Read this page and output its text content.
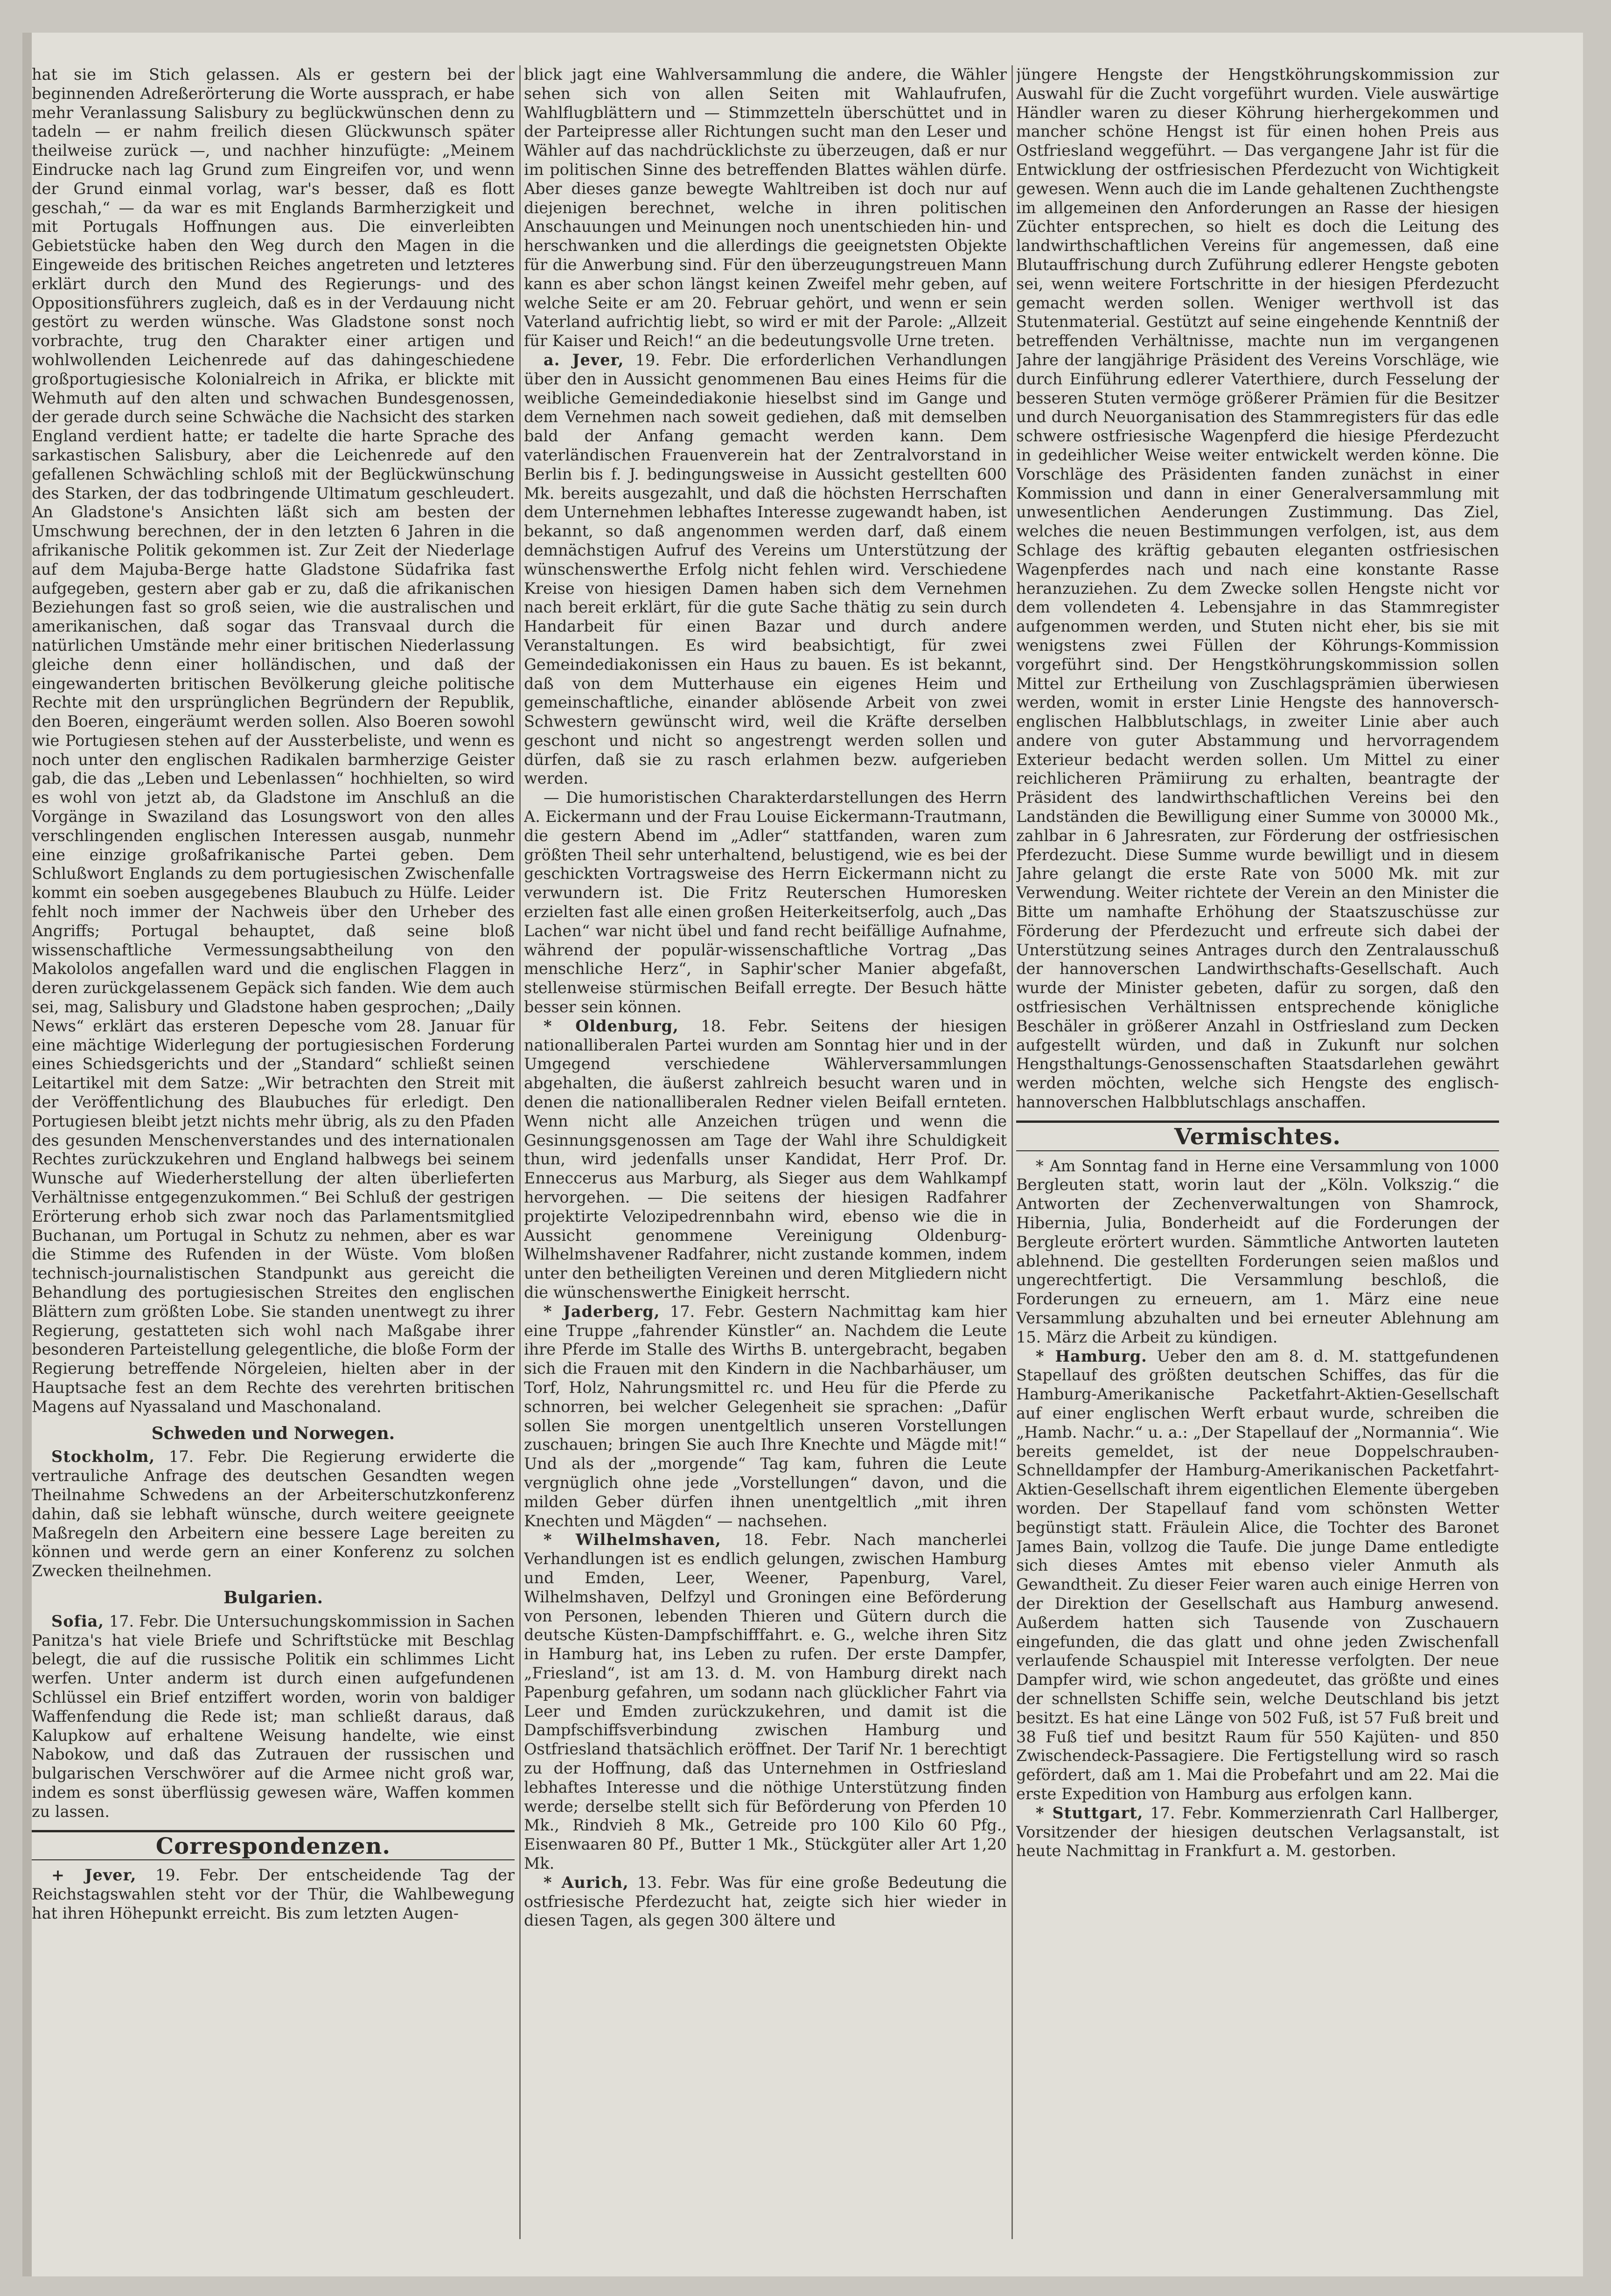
hat sie im Stich gelassen. Als er gestern bei der beginnenden Adreßerörterung die Worte aussprach, er habe mehr Veranlassung Salisbury zu beglückwünschen denn zu tadeln — er nahm freilich diesen Glückwunsch später theilweise zurück —, und nachher hinzufügte: „Meinem Eindrucke nach lag Grund zum Eingreifen vor, und wenn der Grund einmal vorlag, war's besser, daß es flott geschah,“ — da war es mit Englands Barmherzigkeit und mit Portugals Hoffnungen aus. Die einverleibten Gebietstücke haben den Weg durch den Magen in die Eingeweide des britischen Reiches angetreten und letzteres erklärt durch den Mund des Regierungs- und des Oppositionsführers zugleich, daß es in der Verdauung nicht gestört zu werden wünsche. Was Gladstone sonst noch vorbrachte, trug den Charakter einer artigen und wohlwollenden Leichenrede auf das dahingeschiedene großportugiesische Kolonialreich in Afrika, er blickte mit Wehmuth auf den alten und schwachen Bundesgenossen, der gerade durch seine Schwäche die Nachsicht des starken England verdient hatte; er tadelte die harte Sprache des sarkastischen Salisbury, aber die Leichenrede auf den gefallenen Schwächling schloß mit der Beglückwünschung des Starken, der das todbringende Ultimatum geschleudert. An Gladstone's Ansichten läßt sich am besten der Umschwung berechnen, der in den letzten 6 Jahren in die afrikanische Politik gekommen ist. Zur Zeit der Niederlage auf dem Majuba-Berge hatte Gladstone Südafrika fast aufgegeben, gestern aber gab er zu, daß die afrikanischen Beziehungen fast so groß seien, wie die australischen und amerikanischen, daß sogar das Transvaal durch die natürlichen Umstände mehr einer britischen Niederlassung gleiche denn einer holländischen, und daß der eingewanderten britischen Bevölkerung gleiche politische Rechte mit den ursprünglichen Begründern der Republik, den Boeren, eingeräumt werden sollen. Also Boeren sowohl wie Portugiesen stehen auf der Aussterbeliste, und wenn es noch unter den englischen Radikalen barmherzige Geister gab, die das „Leben und Lebenlassen“ hochhielten, so wird es wohl von jetzt ab, da Gladstone im Anschluß an die Vorgänge in Swaziland das Losungswort von den alles verschlingenden englischen Interessen ausgab, nunmehr eine einzige großafrikanische Partei geben. Dem Schlußwort Englands zu dem portugiesischen Zwischenfalle kommt ein soeben ausgegebenes Blaubuch zu Hülfe. Leider fehlt noch immer der Nachweis über den Urheber des Angriffs; Portugal behauptet, daß seine bloß wissenschaftliche Vermessungsabtheilung von den Makololos angefallen ward und die englischen Flaggen in deren zurückgelassenem Gepäck sich fanden. Wie dem auch sei, mag, Salisbury und Gladstone haben gesprochen; „Daily News“ erklärt das ersteren Depesche vom 28. Januar für eine mächtige Widerlegung der portugiesischen Forderung eines Schiedsgerichts und der „Standard“ schließt seinen Leitartikel mit dem Satze: „Wir betrachten den Streit mit der Veröffentlichung des Blaubuches für erledigt. Den Portugiesen bleibt jetzt nichts mehr übrig, als zu den Pfaden des gesunden Menschenverstandes und des internationalen Rechtes zurückzukehren und England halbwegs bei seinem Wunsche auf Wiederherstellung der alten überlieferten Verhältnisse entgegenzukommen.“ Bei Schluß der gestrigen Erörterung erhob sich zwar noch das Parlamentsmitglied Buchanan, um Portugal in Schutz zu nehmen, aber es war die Stimme des Rufenden in der Wüste. Vom bloßen technisch-journalistischen Standpunkt aus gereicht die Behandlung des portugiesischen Streites den englischen Blättern zum größten Lobe. Sie standen unentwegt zu ihrer Regierung, gestatteten sich wohl nach Maßgabe ihrer besonderen Parteistellung gelegentliche, die bloße Form der Regierung betreffende Nörgeleien, hielten aber in der Hauptsache fest an dem Rechte des verehrten britischen Magens auf Nyassaland und Maschonaland.

Schweden und Norwegen.

Stockholm, 17. Febr. Die Regierung erwiderte die vertrauliche Anfrage des deutschen Gesandten wegen Theilnahme Schwedens an der Arbeiterschutzkonferenz dahin, daß sie lebhaft wünsche, durch weitere geeignete Maßregeln den Arbeitern eine bessere Lage bereiten zu können und werde gern an einer Konferenz zu solchen Zwecken theilnehmen.

Bulgarien.

Sofia, 17. Febr. Die Untersuchungskommission in Sachen Panitza's hat viele Briefe und Schriftstücke mit Beschlag belegt, die auf die russische Politik ein schlimmes Licht werfen. Unter anderm ist durch einen aufgefundenen Schlüssel ein Brief entziffert worden, worin von baldiger Waffenfendung die Rede ist; man schließt daraus, daß Kalupkow auf erhaltene Weisung handelte, wie einst Nabokow, und daß das Zutrauen der russischen und bulgarischen Verschwörer auf die Armee nicht groß war, indem es sonst überflüssig gewesen wäre, Waffen kommen zu lassen.

Correspondenzen.

+ Jever, 19. Febr. Der entscheidende Tag der Reichstagswahlen steht vor der Thür, die Wahlbewegung hat ihren Höhepunkt erreicht. Bis zum letzten Augen-

blick jagt eine Wahlversammlung die andere, die Wähler sehen sich von allen Seiten mit Wahlaufrufen, Wahlflugblättern und — Stimmzetteln überschüttet und in der Parteipresse aller Richtungen sucht man den Leser und Wähler auf das nachdrücklichste zu überzeugen, daß er nur im politischen Sinne des betreffenden Blattes wählen dürfe. Aber dieses ganze bewegte Wahltreiben ist doch nur auf diejenigen berechnet, welche in ihren politischen Anschauungen und Meinungen noch unentschieden hin- und herschwanken und die allerdings die geeignetsten Objekte für die Anwerbung sind. Für den überzeugungstreuen Mann kann es aber schon längst keinen Zweifel mehr geben, auf welche Seite er am 20. Februar gehört, und wenn er sein Vaterland aufrichtig liebt, so wird er mit der Parole: „Allzeit für Kaiser und Reich!“ an die bedeutungsvolle Urne treten.

a. Jever, 19. Febr. Die erforderlichen Verhandlungen über den in Aussicht genommenen Bau eines Heims für die weibliche Gemeindediakonie hieselbst sind im Gange und dem Vernehmen nach soweit gediehen, daß mit demselben bald der Anfang gemacht werden kann. Dem vaterländischen Frauenverein hat der Zentralvorstand in Berlin bis f. J. bedingungsweise in Aussicht gestellten 600 Mk. bereits ausgezahlt, und daß die höchsten Herrschaften dem Unternehmen lebhaftes Interesse zugewandt haben, ist bekannt, so daß angenommen werden darf, daß einem demnächstigen Aufruf des Vereins um Unterstützung der wünschenswerthe Erfolg nicht fehlen wird. Verschiedene Kreise von hiesigen Damen haben sich dem Vernehmen nach bereit erklärt, für die gute Sache thätig zu sein durch Handarbeit für einen Bazar und durch andere Veranstaltungen. Es wird beabsichtigt, für zwei Gemeindediakonissen ein Haus zu bauen. Es ist bekannt, daß von dem Mutterhause ein eigenes Heim und gemeinschaftliche, einander ablösende Arbeit von zwei Schwestern gewünscht wird, weil die Kräfte derselben geschont und nicht so angestrengt werden sollen und dürfen, daß sie zu rasch erlahmen bezw. aufgerieben werden.

— Die humoristischen Charakterdarstellungen des Herrn A. Eickermann und der Frau Louise Eickermann-Trautmann, die gestern Abend im „Adler“ stattfanden, waren zum größten Theil sehr unterhaltend, belustigend, wie es bei der geschickten Vortragsweise des Herrn Eickermann nicht zu verwundern ist. Die Fritz Reuterschen Humoresken erzielten fast alle einen großen Heiterkeitserfolg, auch „Das Lachen“ war nicht übel und fand recht beifällige Aufnahme, während der populär-wissenschaftliche Vortrag „Das menschliche Herz“, in Saphir'scher Manier abgefaßt, stellenweise stürmischen Beifall erregte. Der Besuch hätte besser sein können.

* Oldenburg, 18. Febr. Seitens der hiesigen nationalliberalen Partei wurden am Sonntag hier und in der Umgegend verschiedene Wählerversammlungen abgehalten, die äußerst zahlreich besucht waren und in denen die nationalliberalen Redner vielen Beifall ernteten. Wenn nicht alle Anzeichen trügen und wenn die Gesinnungsgenossen am Tage der Wahl ihre Schuldigkeit thun, wird jedenfalls unser Kandidat, Herr Prof. Dr. Enneccerus aus Marburg, als Sieger aus dem Wahlkampf hervorgehen. — Die seitens der hiesigen Radfahrer projektirte Velozipedrennbahn wird, ebenso wie die in Aussicht genommene Vereinigung Oldenburg-Wilhelmshavener Radfahrer, nicht zustande kommen, indem unter den betheiligten Vereinen und deren Mitgliedern nicht die wünschenswerthe Einigkeit herrscht.

* Jaderberg, 17. Febr. Gestern Nachmittag kam hier eine Truppe „fahrender Künstler“ an. Nachdem die Leute ihre Pferde im Stalle des Wirths B. untergebracht, begaben sich die Frauen mit den Kindern in die Nachbarhäuser, um Torf, Holz, Nahrungsmittel rc. und Heu für die Pferde zu schnorren, bei welcher Gelegenheit sie sprachen: „Dafür sollen Sie morgen unentgeltlich unseren Vorstellungen zuschauen; bringen Sie auch Ihre Knechte und Mägde mit!“ Und als der „morgende“ Tag kam, fuhren die Leute vergnüglich ohne jede „Vorstellungen“ davon, und die milden Geber dürfen ihnen unentgeltlich „mit ihren Knechten und Mägden“ — nachsehen.

* Wilhelmshaven, 18. Febr. Nach mancherlei Verhandlungen ist es endlich gelungen, zwischen Hamburg und Emden, Leer, Weener, Papenburg, Varel, Wilhelmshaven, Delfzyl und Groningen eine Beförderung von Personen, lebenden Thieren und Gütern durch die deutsche Küsten-Dampfschifffahrt. e. G., welche ihren Sitz in Hamburg hat, ins Leben zu rufen. Der erste Dampfer, „Friesland“, ist am 13. d. M. von Hamburg direkt nach Papenburg gefahren, um sodann nach glücklicher Fahrt via Leer und Emden zurückzukehren, und damit ist die Dampfschiffsverbindung zwischen Hamburg und Ostfriesland thatsächlich eröffnet. Der Tarif Nr. 1 berechtigt zu der Hoffnung, daß das Unternehmen in Ostfriesland lebhaftes Interesse und die nöthige Unterstützung finden werde; derselbe stellt sich für Beförderung von Pferden 10 Mk., Rindvieh 8 Mk., Getreide pro 100 Kilo 60 Pfg., Eisenwaaren 80 Pf., Butter 1 Mk., Stückgüter aller Art 1,20 Mk.

* Aurich, 13. Febr. Was für eine große Bedeutung die ostfriesische Pferdezucht hat, zeigte sich hier wieder in diesen Tagen, als gegen 300 ältere und

jüngere Hengste der Hengstköhrungskommission zur Auswahl für die Zucht vorgeführt wurden. Viele auswärtige Händler waren zu dieser Köhrung hierhergekommen und mancher schöne Hengst ist für einen hohen Preis aus Ostfriesland weggeführt. — Das vergangene Jahr ist für die Entwicklung der ostfriesischen Pferdezucht von Wichtigkeit gewesen. Wenn auch die im Lande gehaltenen Zuchthengste im allgemeinen den Anforderungen an Rasse der hiesigen Züchter entsprechen, so hielt es doch die Leitung des landwirthschaftlichen Vereins für angemessen, daß eine Blutauffrischung durch Zuführung edlerer Hengste geboten sei, wenn weitere Fortschritte in der hiesigen Pferdezucht gemacht werden sollen. Weniger werthvoll ist das Stutenmaterial. Gestützt auf seine eingehende Kenntniß der betreffenden Verhältnisse, machte nun im vergangenen Jahre der langjährige Präsident des Vereins Vorschläge, wie durch Einführung edlerer Vaterthiere, durch Fesselung der besseren Stuten vermöge größerer Prämien für die Besitzer und durch Neuorganisation des Stammregisters für das edle schwere ostfriesische Wagenpferd die hiesige Pferdezucht in gedeihlicher Weise weiter entwickelt werden könne. Die Vorschläge des Präsidenten fanden zunächst in einer Kommission und dann in einer Generalversammlung mit unwesentlichen Aenderungen Zustimmung. Das Ziel, welches die neuen Bestimmungen verfolgen, ist, aus dem Schlage des kräftig gebauten eleganten ostfriesischen Wagenpferdes nach und nach eine konstante Rasse heranzuziehen. Zu dem Zwecke sollen Hengste nicht vor dem vollendeten 4. Lebensjahre in das Stammregister aufgenommen werden, und Stuten nicht eher, bis sie mit wenigstens zwei Füllen der Köhrungs-Kommission vorgeführt sind. Der Hengstköhrungskommission sollen Mittel zur Ertheilung von Zuschlagsprämien überwiesen werden, womit in erster Linie Hengste des hannoversch-englischen Halbblutschlags, in zweiter Linie aber auch andere von guter Abstammung und hervorragendem Exterieur bedacht werden sollen. Um Mittel zu einer reichlicheren Prämiirung zu erhalten, beantragte der Präsident des landwirthschaftlichen Vereins bei den Landständen die Bewilligung einer Summe von 30000 Mk., zahlbar in 6 Jahresraten, zur Förderung der ostfriesischen Pferdezucht. Diese Summe wurde bewilligt und in diesem Jahre gelangt die erste Rate von 5000 Mk. mit zur Verwendung. Weiter richtete der Verein an den Minister die Bitte um namhafte Erhöhung der Staatszuschüsse zur Förderung der Pferdezucht und erfreute sich dabei der Unterstützung seines Antrages durch den Zentralausschuß der hannoverschen Landwirthschafts-Gesellschaft. Auch wurde der Minister gebeten, dafür zu sorgen, daß den ostfriesischen Verhältnissen entsprechende königliche Beschäler in größerer Anzahl in Ostfriesland zum Decken aufgestellt würden, und daß in Zukunft nur solchen Hengsthaltungs-Genossenschaften Staatsdarlehen gewährt werden möchten, welche sich Hengste des englisch-hannoverschen Halbblutschlags anschaffen.

Vermischtes.

* Am Sonntag fand in Herne eine Versammlung von 1000 Bergleuten statt, worin laut der „Köln. Volkszig.“ die Antworten der Zechenverwaltungen von Shamrock, Hibernia, Julia, Bonderheidt auf die Forderungen der Bergleute erörtert wurden. Sämmtliche Antworten lauteten ablehnend. Die gestellten Forderungen seien maßlos und ungerechtfertigt. Die Versammlung beschloß, die Forderungen zu erneuern, am 1. März eine neue Versammlung abzuhalten und bei erneuter Ablehnung am 15. März die Arbeit zu kündigen.

* Hamburg. Ueber den am 8. d. M. stattgefundenen Stapellauf des größten deutschen Schiffes, das für die Hamburg-Amerikanische Packetfahrt-Aktien-Gesellschaft auf einer englischen Werft erbaut wurde, schreiben die „Hamb. Nachr.“ u. a.: „Der Stapellauf der „Normannia“. Wie bereits gemeldet, ist der neue Doppelschrauben-Schnelldampfer der Hamburg-Amerikanischen Packetfahrt-Aktien-Gesellschaft ihrem eigentlichen Elemente übergeben worden. Der Stapellauf fand vom schönsten Wetter begünstigt statt. Fräulein Alice, die Tochter des Baronet James Bain, vollzog die Taufe. Die junge Dame entledigte sich dieses Amtes mit ebenso vieler Anmuth als Gewandtheit. Zu dieser Feier waren auch einige Herren von der Direktion der Gesellschaft aus Hamburg anwesend. Außerdem hatten sich Tausende von Zuschauern eingefunden, die das glatt und ohne jeden Zwischenfall verlaufende Schauspiel mit Interesse verfolgten. Der neue Dampfer wird, wie schon angedeutet, das größte und eines der schnellsten Schiffe sein, welche Deutschland bis jetzt besitzt. Es hat eine Länge von 502 Fuß, ist 57 Fuß breit und 38 Fuß tief und besitzt Raum für 550 Kajüten- und 850 Zwischendeck-Passagiere. Die Fertigstellung wird so rasch gefördert, daß am 1. Mai die Probefahrt und am 22. Mai die erste Expedition von Hamburg aus erfolgen kann.

* Stuttgart, 17. Febr. Kommerzienrath Carl Hallberger, Vorsitzender der hiesigen deutschen Verlagsanstalt, ist heute Nachmittag in Frankfurt a. M. gestorben.
